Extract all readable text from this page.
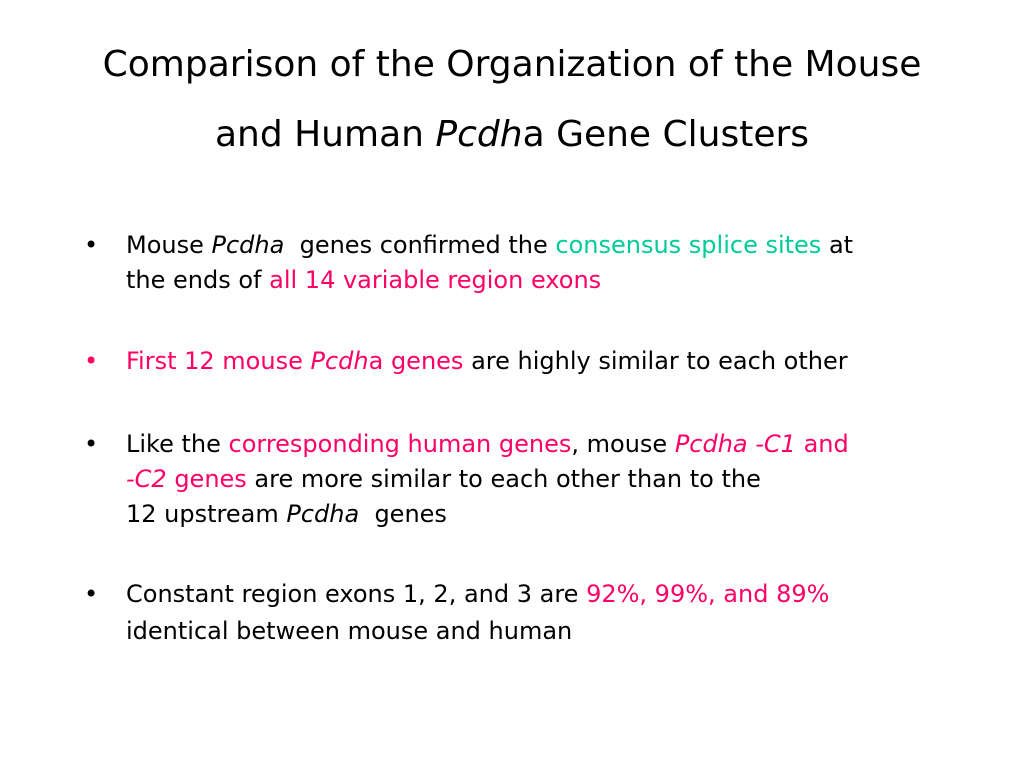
Comparison of the Organization of the Mouse
and Human Pcdha Gene Clusters
• Mouse Pcdha  genes confirmed the consensus splice sites at
the ends of all 14 variable region exons
• First 12 mouse Pcdha genes are highly similar to each other
• Like the corresponding human genes, mouse Pcdha -C1 and
-C2 genes are more similar to each other than to the
12 upstream Pcdha  genes
• Constant region exons 1, 2, and 3 are 92%, 99%, and 89%
identical between mouse and human
